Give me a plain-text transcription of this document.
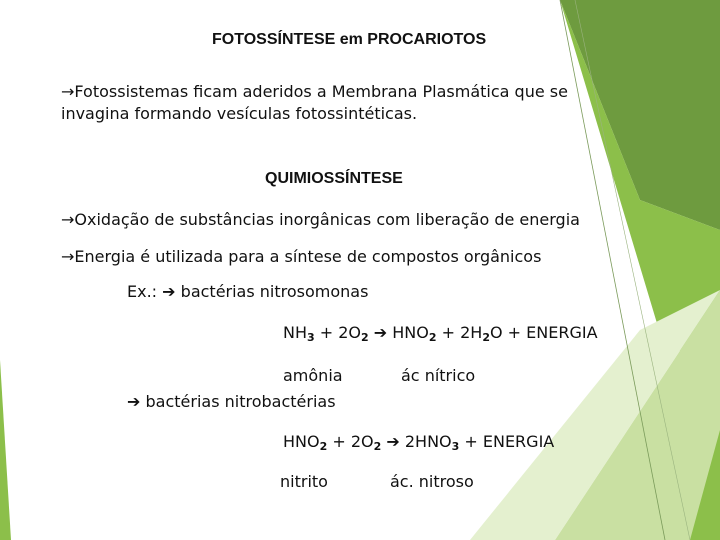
FOTOSSÍNTESE em PROCARIOTOS
→Fotossistemas ficam aderidos a Membrana Plasmática que se
invagina formando vesículas fotossintéticas.
QUIMIOSSÍNTESE
→Oxidação de substâncias inorgânicas com liberação de energia
→Energia é utilizada para a síntese de compostos orgânicos
Ex.: ➔ bactérias nitrosomonas
$NH_3 + 2O_2$ ➔ $HNO_2 + 2H_2O$ + ENERGIA
amônia	ác nítrico
➔ bactérias nitrobactérias
$HNO_2 + 2O_2$ ➔ $2HNO_3$ + ENERGIA
nitrito	ác. nitroso
